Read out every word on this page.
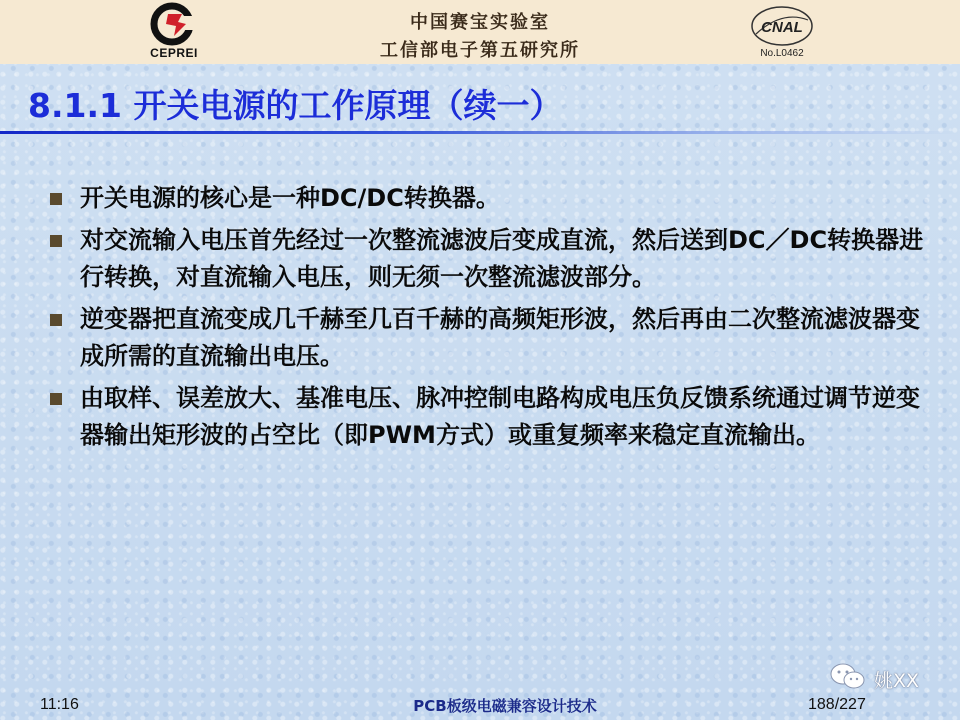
CEPREI
中国赛宝实验室
工信部电子第五研究所
CNAL
No.L0462
8.1.1 开关电源的工作原理（续一）
开关电源的核心是一种DC/DC转换器。
对交流输入电压首先经过一次整流滤波后变成直流，然后送到DC／DC转换器进行转换，对直流输入电压，则无须一次整流滤波部分。
逆变器把直流变成几千赫至几百千赫的高频矩形波，然后再由二次整流滤波器变成所需的直流输出电压。
由取样、误差放大、基准电压、脉冲控制电路构成电压负反馈系统通过调节逆变器输出矩形波的占空比（即PWM方式）或重复频率来稳定直流输出。
姚XX
11:16	PCB板级电磁兼容设计技术	188/227
